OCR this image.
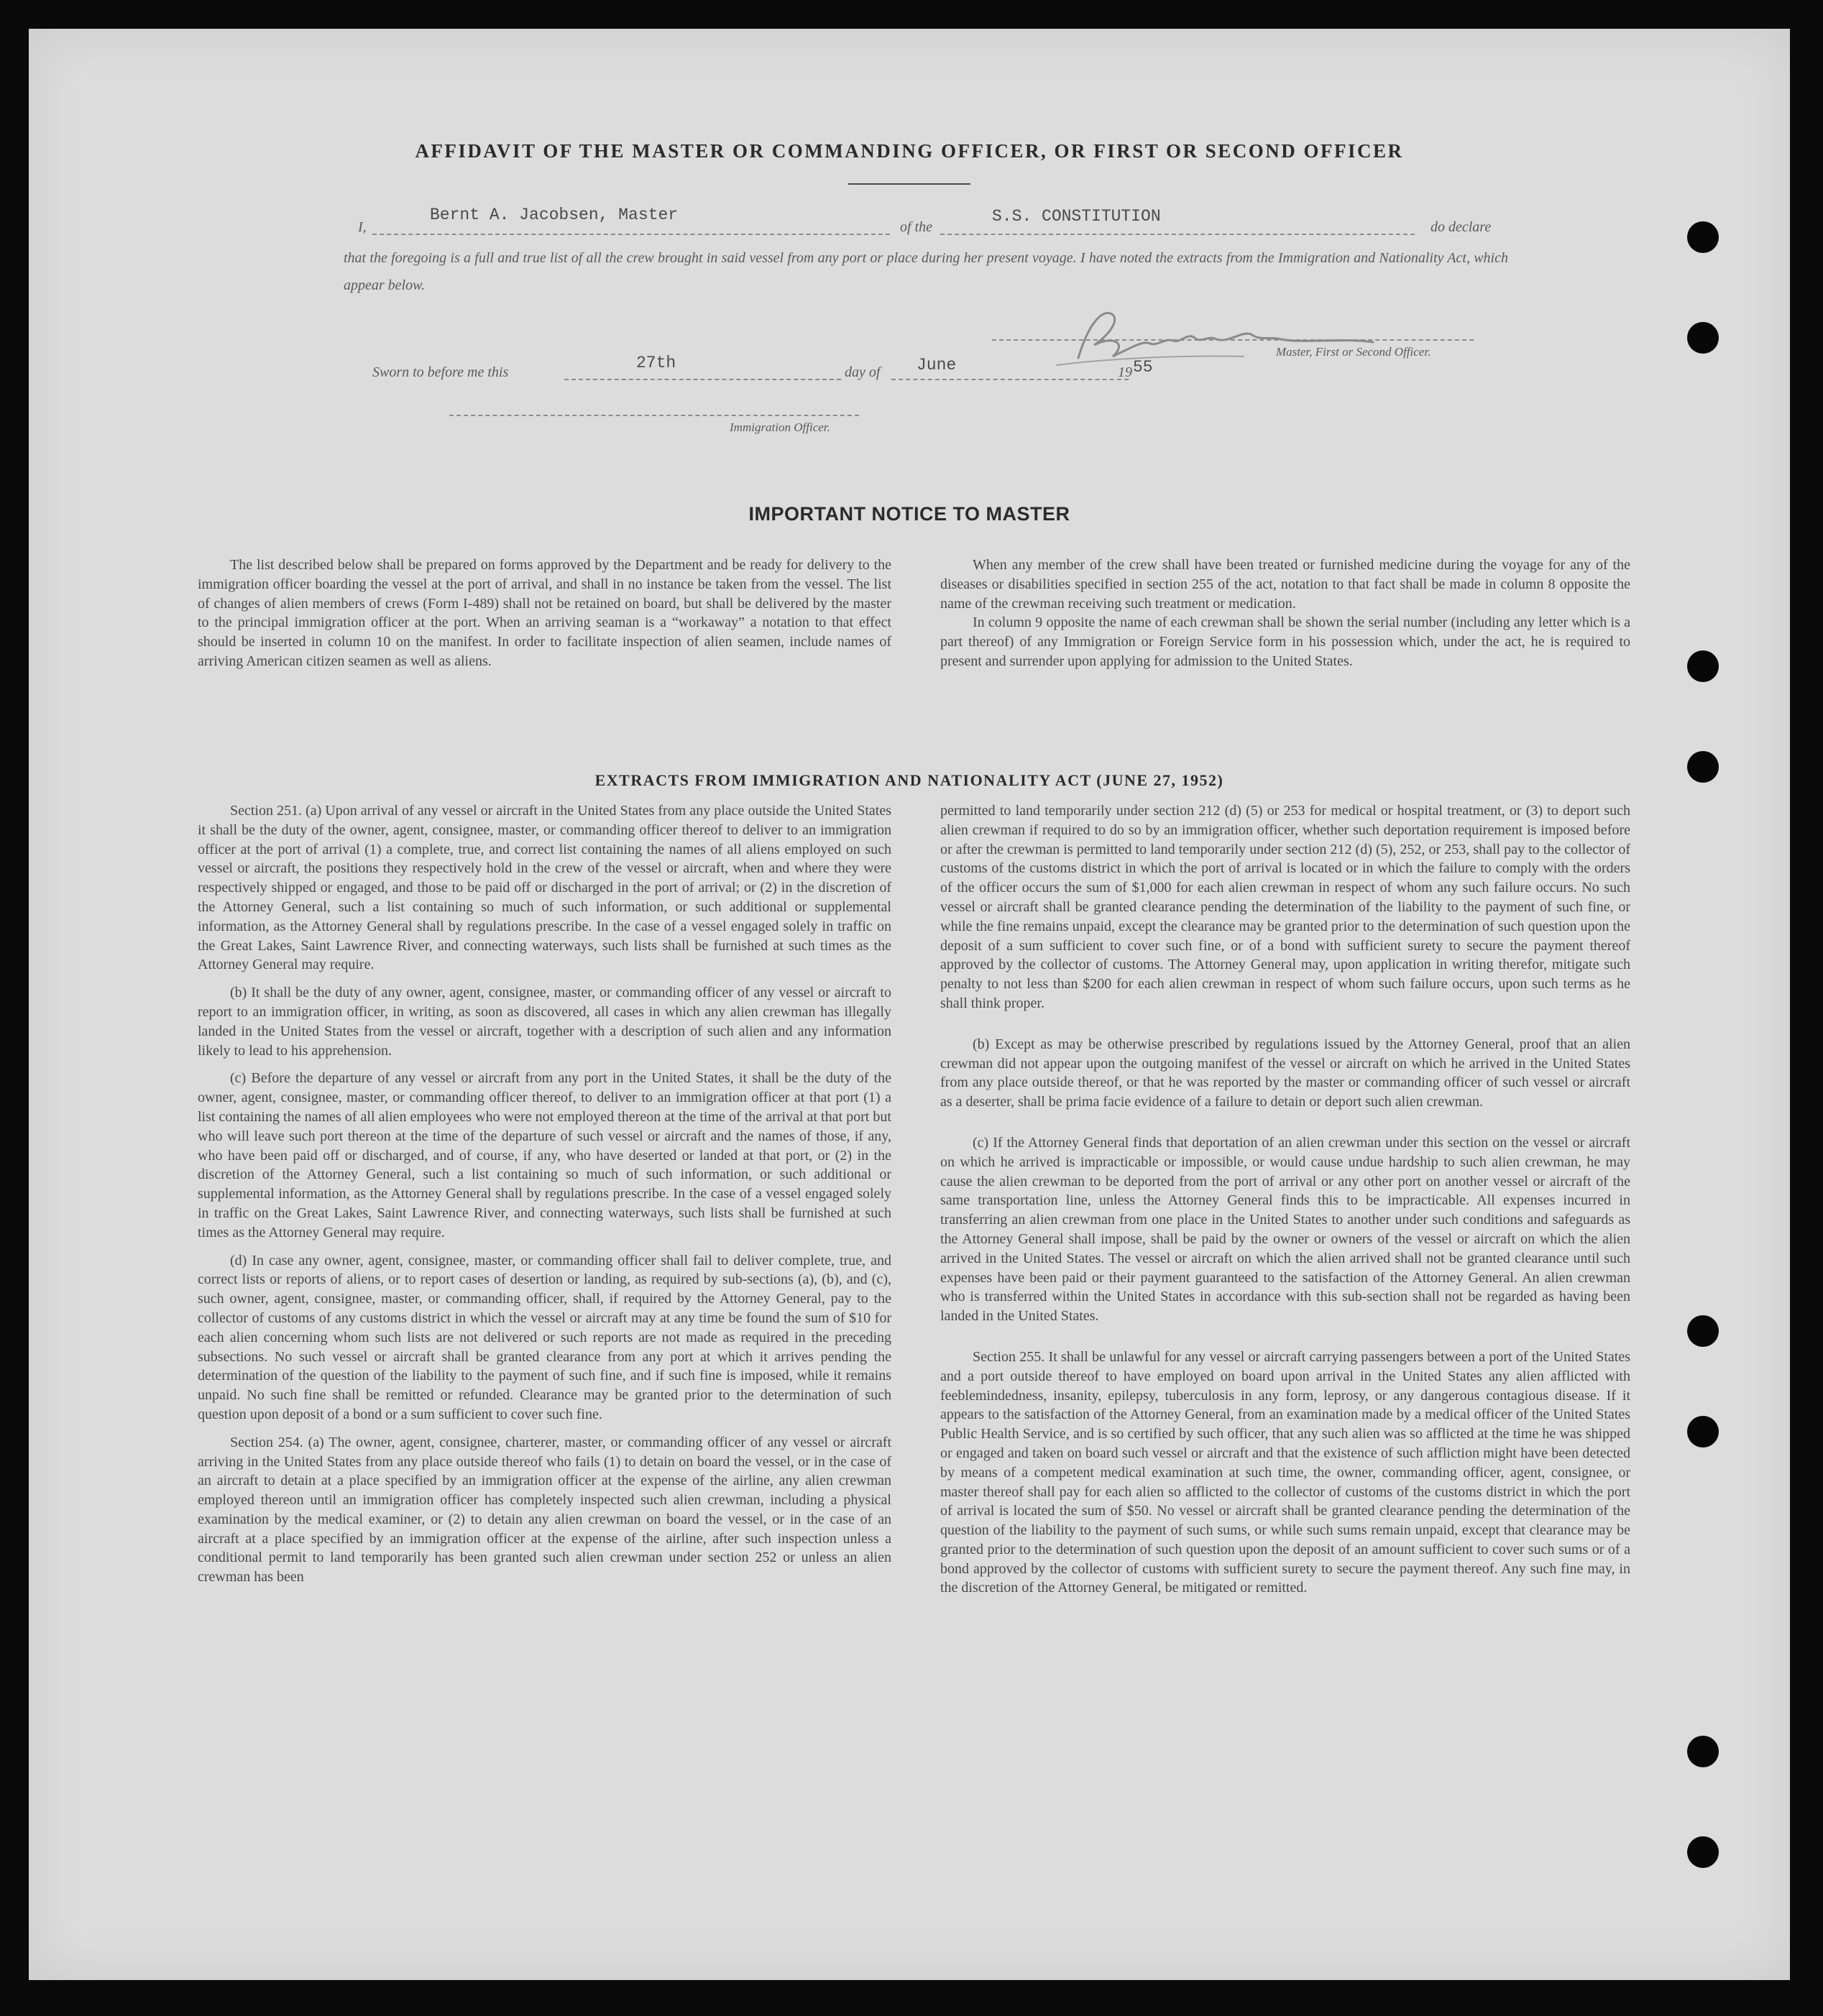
AFFIDAVIT OF THE MASTER OR COMMANDING OFFICER, OR FIRST OR SECOND OFFICER
I,
Bernt A. Jacobsen, Master
of the
S.S. CONSTITUTION
do declare
that the foregoing is a full and true list of all the crew brought in said vessel from any port or place during her present voyage. I have noted the extracts from the Immigration and Nationality Act, which appear below.
Master, First or Second Officer.
Sworn to before me this	27th	day of June	19 55
Immigration Officer.
IMPORTANT NOTICE TO MASTER

The list described below shall be prepared on forms approved by the Department and be ready for delivery to the immigration officer boarding the vessel at the port of arrival, and shall in no instance be taken from the vessel. The list of changes of alien members of crews (Form I-489) shall not be retained on board, but shall be delivered by the master to the principal immigration officer at the port. When an arriving seaman is a “workaway” a notation to that effect should be inserted in column 10 on the manifest. In order to facilitate inspection of alien seamen, include names of arriving American citizen seamen as well as aliens.

When any member of the crew shall have been treated or furnished medicine during the voyage for any of the diseases or disabilities specified in section 255 of the act, notation to that fact shall be made in column 8 opposite the name of the crewman receiving such treatment or medication.

In column 9 opposite the name of each crewman shall be shown the serial number (including any letter which is a part thereof) of any Immigration or Foreign Service form in his possession which, under the act, he is required to present and surrender upon applying for admission to the United States.

EXTRACTS FROM IMMIGRATION AND NATIONALITY ACT (JUNE 27, 1952)

Section 251. (a) Upon arrival of any vessel or aircraft in the United States from any place outside the United States it shall be the duty of the owner, agent, consignee, master, or commanding officer thereof to deliver to an immigration officer at the port of arrival (1) a complete, true, and correct list containing the names of all aliens employed on such vessel or aircraft, the positions they respectively hold in the crew of the vessel or aircraft, when and where they were respectively shipped or engaged, and those to be paid off or discharged in the port of arrival; or (2) in the discretion of the Attorney General, such a list containing so much of such information, or such additional or supplemental information, as the Attorney General shall by regulations prescribe. In the case of a vessel engaged solely in traffic on the Great Lakes, Saint Lawrence River, and connecting waterways, such lists shall be furnished at such times as the Attorney General may require.

(b) It shall be the duty of any owner, agent, consignee, master, or commanding officer of any vessel or aircraft to report to an immigration officer, in writing, as soon as discovered, all cases in which any alien crewman has illegally landed in the United States from the vessel or aircraft, together with a description of such alien and any information likely to lead to his apprehension.

(c) Before the departure of any vessel or aircraft from any port in the United States, it shall be the duty of the owner, agent, consignee, master, or commanding officer thereof, to deliver to an immigration officer at that port (1) a list containing the names of all alien employees who were not employed thereon at the time of the arrival at that port but who will leave such port thereon at the time of the departure of such vessel or aircraft and the names of those, if any, who have been paid off or discharged, and of course, if any, who have deserted or landed at that port, or (2) in the discretion of the Attorney General, such a list containing so much of such information, or such additional or supplemental information, as the Attorney General shall by regulations prescribe. In the case of a vessel engaged solely in traffic on the Great Lakes, Saint Lawrence River, and connecting waterways, such lists shall be furnished at such times as the Attorney General may require.

(d) In case any owner, agent, consignee, master, or commanding officer shall fail to deliver complete, true, and correct lists or reports of aliens, or to report cases of desertion or landing, as required by sub-sections (a), (b), and (c), such owner, agent, consignee, master, or commanding officer, shall, if required by the Attorney General, pay to the collector of customs of any customs district in which the vessel or aircraft may at any time be found the sum of $10 for each alien concerning whom such lists are not delivered or such reports are not made as required in the preceding subsections. No such vessel or aircraft shall be granted clearance from any port at which it arrives pending the determination of the question of the liability to the payment of such fine, and if such fine is imposed, while it remains unpaid. No such fine shall be remitted or refunded. Clearance may be granted prior to the determination of such question upon deposit of a bond or a sum sufficient to cover such fine.

Section 254. (a) The owner, agent, consignee, charterer, master, or commanding officer of any vessel or aircraft arriving in the United States from any place outside thereof who fails (1) to detain on board the vessel, or in the case of an aircraft to detain at a place specified by an immigration officer at the expense of the airline, any alien crewman employed thereon until an immigration officer has completely inspected such alien crewman, including a physical examination by the medical examiner, or (2) to detain any alien crewman on board the vessel, or in the case of an aircraft at a place specified by an immigration officer at the expense of the airline, after such inspection unless a conditional permit to land temporarily has been granted such alien crewman under section 252 or unless an alien crewman has been

permitted to land temporarily under section 212 (d) (5) or 253 for medical or hospital treatment, or (3) to deport such alien crewman if required to do so by an immigration officer, whether such deportation requirement is imposed before or after the crewman is permitted to land temporarily under section 212 (d) (5), 252, or 253, shall pay to the collector of customs of the customs district in which the port of arrival is located or in which the failure to comply with the orders of the officer occurs the sum of $1,000 for each alien crewman in respect of whom any such failure occurs. No such vessel or aircraft shall be granted clearance pending the determination of the liability to the payment of such fine, or while the fine remains unpaid, except the clearance may be granted prior to the determination of such question upon the deposit of a sum sufficient to cover such fine, or of a bond with sufficient surety to secure the payment thereof approved by the collector of customs. The Attorney General may, upon application in writing therefor, mitigate such penalty to not less than $200 for each alien crewman in respect of whom such failure occurs, upon such terms as he shall think proper.

(b) Except as may be otherwise prescribed by regulations issued by the Attorney General, proof that an alien crewman did not appear upon the outgoing manifest of the vessel or aircraft on which he arrived in the United States from any place outside thereof, or that he was reported by the master or commanding officer of such vessel or aircraft as a deserter, shall be prima facie evidence of a failure to detain or deport such alien crewman.

(c) If the Attorney General finds that deportation of an alien crewman under this section on the vessel or aircraft on which he arrived is impracticable or impossible, or would cause undue hardship to such alien crewman, he may cause the alien crewman to be deported from the port of arrival or any other port on another vessel or aircraft of the same transportation line, unless the Attorney General finds this to be impracticable. All expenses incurred in transferring an alien crewman from one place in the United States to another under such conditions and safeguards as the Attorney General shall impose, shall be paid by the owner or owners of the vessel or aircraft on which the alien arrived in the United States. The vessel or aircraft on which the alien arrived shall not be granted clearance until such expenses have been paid or their payment guaranteed to the satisfaction of the Attorney General. An alien crewman who is transferred within the United States in accordance with this sub-section shall not be regarded as having been landed in the United States.

Section 255. It shall be unlawful for any vessel or aircraft carrying passengers between a port of the United States and a port outside thereof to have employed on board upon arrival in the United States any alien afflicted with feeblemindedness, insanity, epilepsy, tuberculosis in any form, leprosy, or any dangerous contagious disease. If it appears to the satisfaction of the Attorney General, from an examination made by a medical officer of the United States Public Health Service, and is so certified by such officer, that any such alien was so afflicted at the time he was shipped or engaged and taken on board such vessel or aircraft and that the existence of such affliction might have been detected by means of a competent medical examination at such time, the owner, commanding officer, agent, consignee, or master thereof shall pay for each alien so afflicted to the collector of customs of the customs district in which the port of arrival is located the sum of $50. No vessel or aircraft shall be granted clearance pending the determination of the question of the liability to the payment of such sums, or while such sums remain unpaid, except that clearance may be granted prior to the determination of such question upon the deposit of an amount sufficient to cover such sums or of a bond approved by the collector of customs with sufficient surety to secure the payment thereof. Any such fine may, in the discretion of the Attorney General, be mitigated or remitted.
